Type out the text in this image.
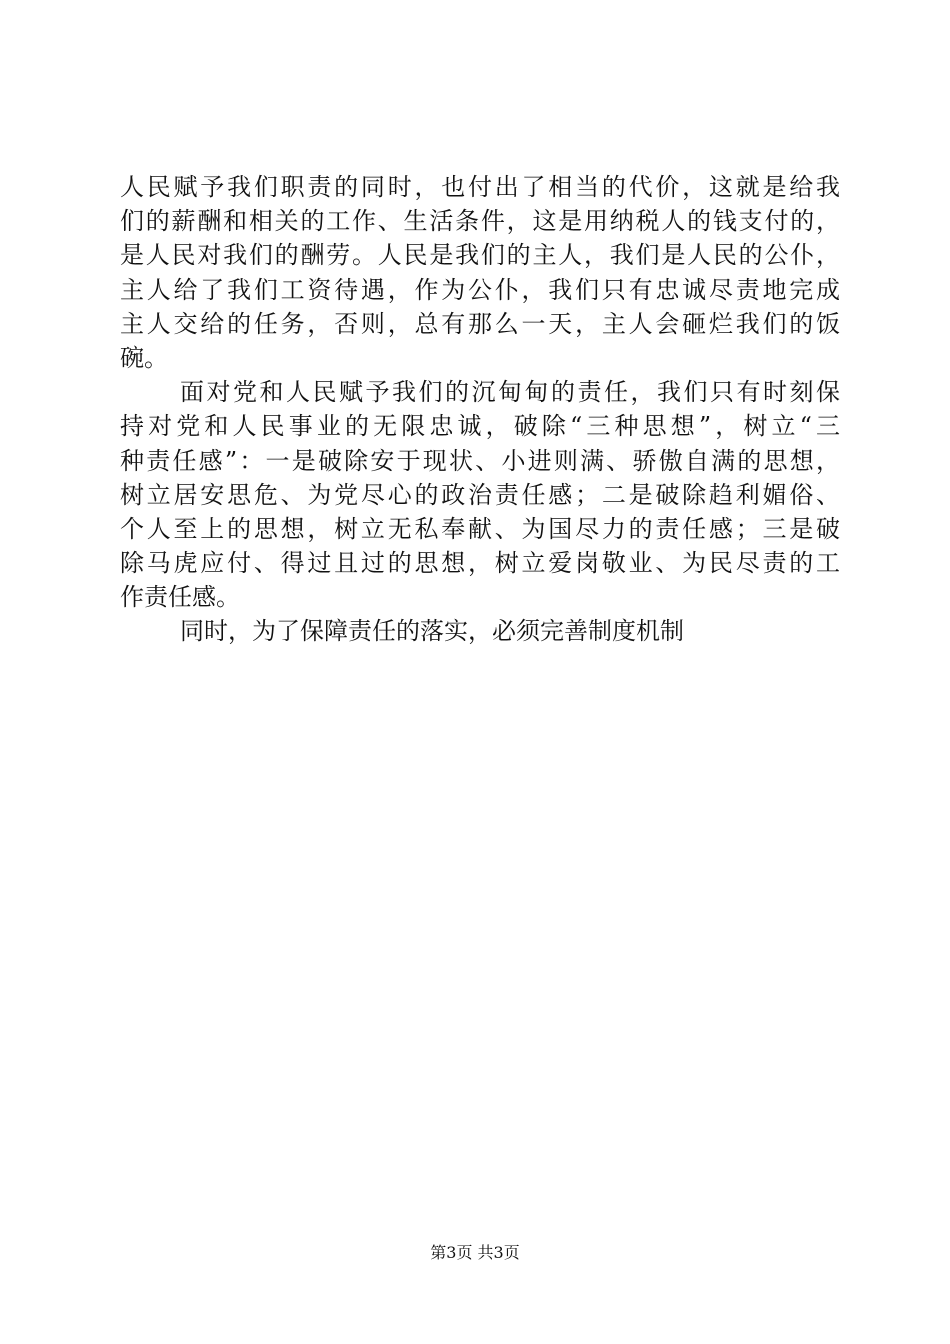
人民赋予我们职责的同时，也付出了相当的代价，这就是给我
们的薪酬和相关的工作、生活条件，这是用纳税人的钱支付的，
是人民对我们的酬劳。人民是我们的主人，我们是人民的公仆，
主人给了我们工资待遇，作为公仆，我们只有忠诚尽责地完成
主人交给的任务，否则，总有那么一天，主人会砸烂我们的饭
碗。
面对党和人民赋予我们的沉甸甸的责任，我们只有时刻保
持对党和人民事业的无限忠诚，破除“三种思想”，树立“三
种责任感”：一是破除安于现状、小进则满、骄傲自满的思想，
树立居安思危、为党尽心的政治责任感；二是破除趋利媚俗、
个人至上的思想，树立无私奉献、为国尽力的责任感；三是破
除马虎应付、得过且过的思想，树立爱岗敬业、为民尽责的工
作责任感。
同时，为了保障责任的落实，必须完善制度机制
第3页 共3页
